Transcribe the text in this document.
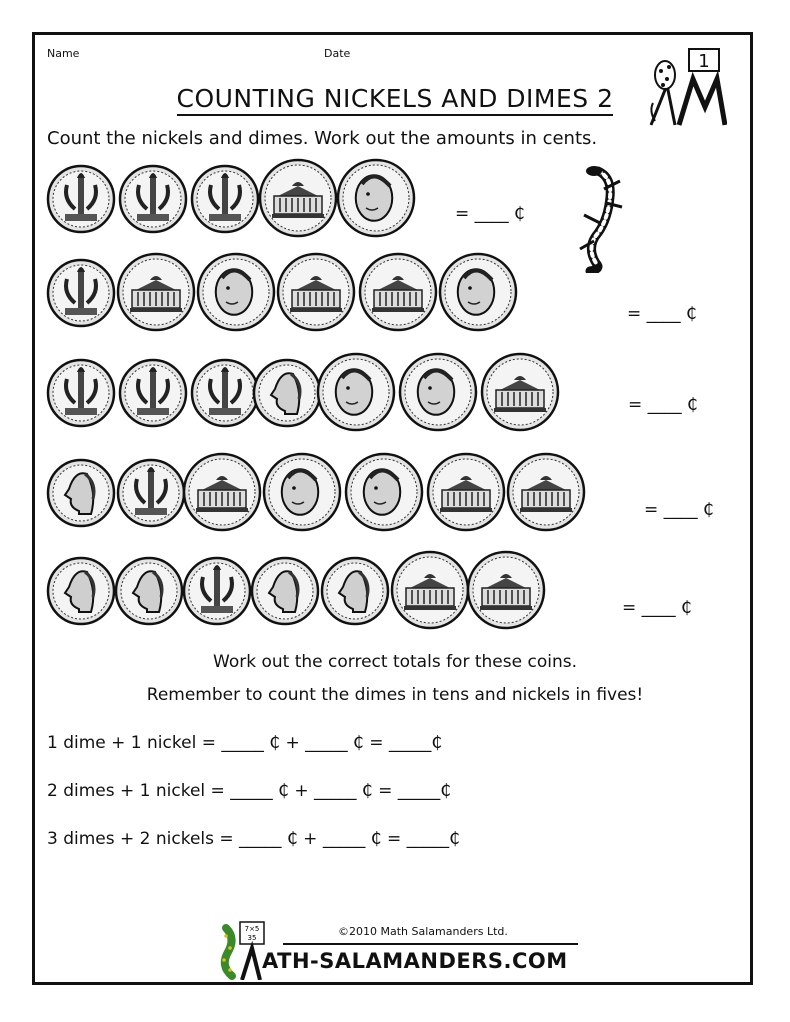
Name	Date	1
COUNTING NICKELS AND DIMES 2
Count the nickels and dimes. Work out the amounts in cents.
= ____ ₵
= ____ ₵
= ____ ₵
= ____ ₵
= ____ ₵
Work out the correct totals for these coins.
Remember to count the dimes in tens and nickels in fives!
1 dime + 1 nickel = _____ ₵ + _____ ₵ = _____₵
2 dimes + 1 nickel = _____ ₵ + _____ ₵ = _____₵
3 dimes + 2 nickels = _____ ₵ + _____ ₵ = _____₵
7×5
35	©2010 Math Salamanders Ltd.
ATH-SALAMANDERS.COM
